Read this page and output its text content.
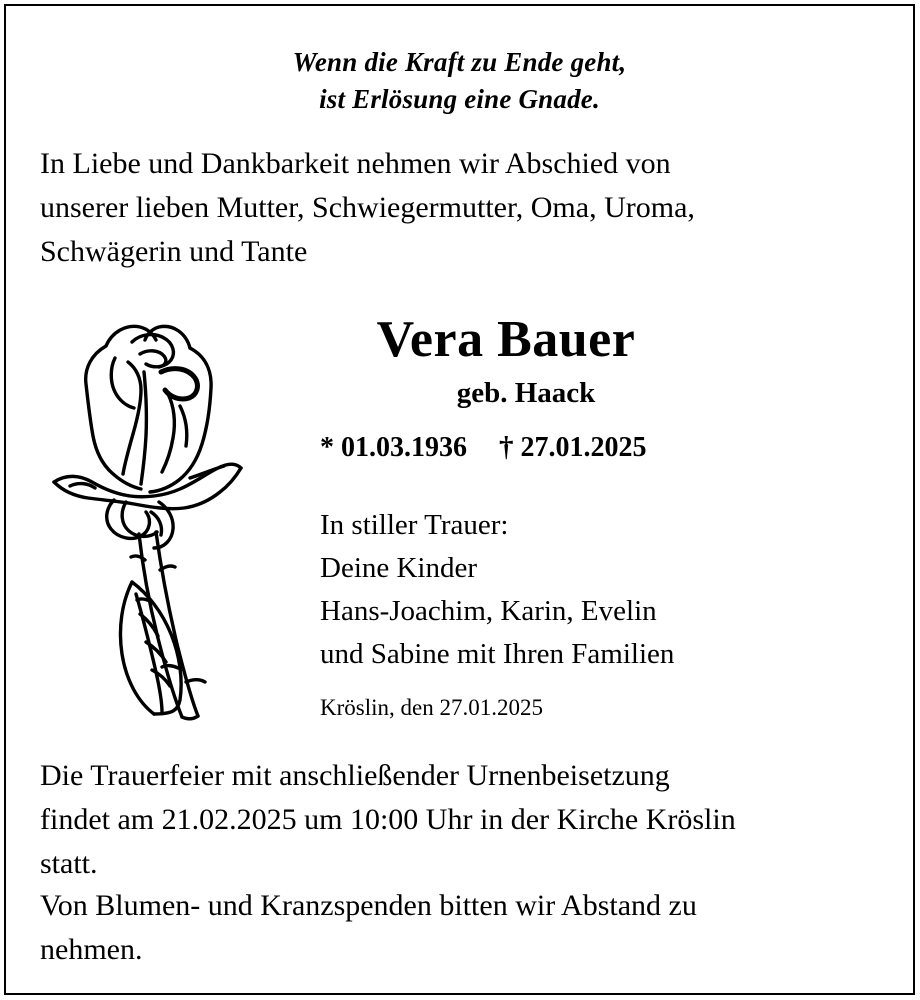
Wenn die Kraft zu Ende geht,
ist Erlösung eine Gnade.
In Liebe und Dankbarkeit nehmen wir Abschied von
unserer lieben Mutter, Schwiegermutter, Oma, Uroma,
Schwägerin und Tante
Vera Bauer
geb. Haack
* 01.03.1936 † 27.01.2025
In stiller Trauer:
Deine Kinder
Hans-Joachim, Karin, Evelin
und Sabine mit Ihren Familien
Kröslin, den 27.01.2025
Die Trauerfeier mit anschließender Urnenbeisetzung
findet am 21.02.2025 um 10:00 Uhr in der Kirche Kröslin
statt.
Von Blumen- und Kranzspenden bitten wir Abstand zu
nehmen.
